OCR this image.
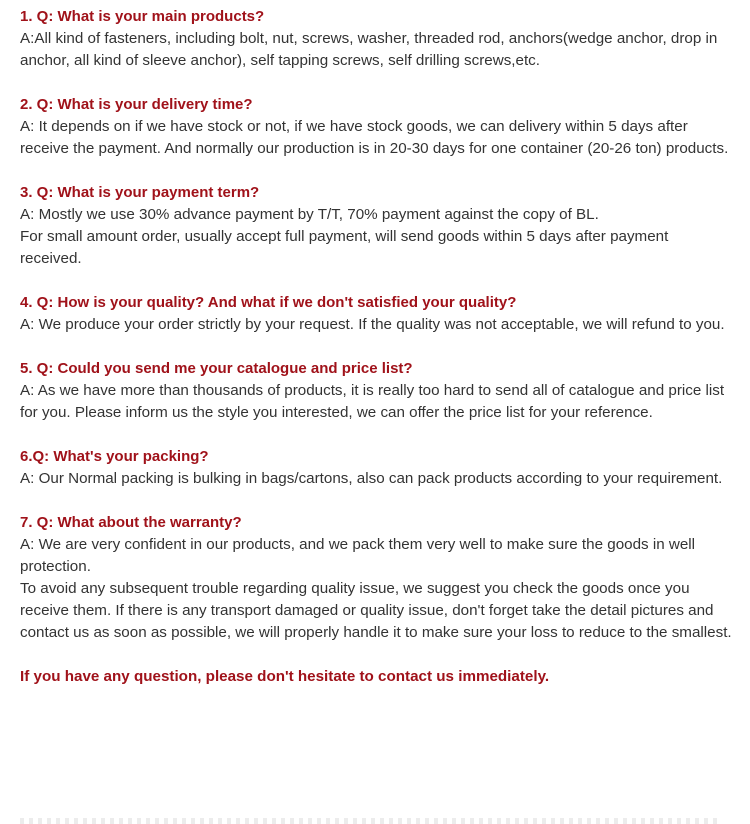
1. Q: What is your main products?

A:All kind of fasteners, including bolt, nut, screws, washer, threaded rod, anchors(wedge anchor, drop in anchor, all kind of sleeve anchor), self tapping screws, self drilling screws,etc.

2. Q: What is your delivery time?

A: It depends on if we have stock or not, if we have stock goods, we can delivery within 5 days after receive the payment. And normally our production is in 20-30 days for one container (20-26 ton) products.

3. Q: What is your payment term?

A: Mostly we use 30% advance payment by T/T, 70% payment against the copy of BL.

For small amount order, usually accept full payment, will send goods within 5 days after payment received.

4. Q: How is your quality? And what if we don't satisfied your quality?

A: We produce your order strictly by your request. If the quality was not acceptable, we will refund to you.

5. Q: Could you send me your catalogue and price list?

A: As we have more than thousands of products, it is really too hard to send all of catalogue and price list for you. Please inform us the style you interested, we can offer the price list for your reference.

6.Q: What's your packing?

A: Our Normal packing is bulking in bags/cartons, also can pack products according to your requirement.

7. Q: What about the warranty?

A: We are very confident in our products, and we pack them very well to make sure the goods in well protection.

To avoid any subsequent trouble regarding quality issue, we suggest you check the goods once you receive them. If there is any transport damaged or quality issue, don't forget take the detail pictures and contact us as soon as possible, we will properly handle it to make sure your loss to reduce to the smallest.

If you have any question, please don't hesitate to contact us immediately.
